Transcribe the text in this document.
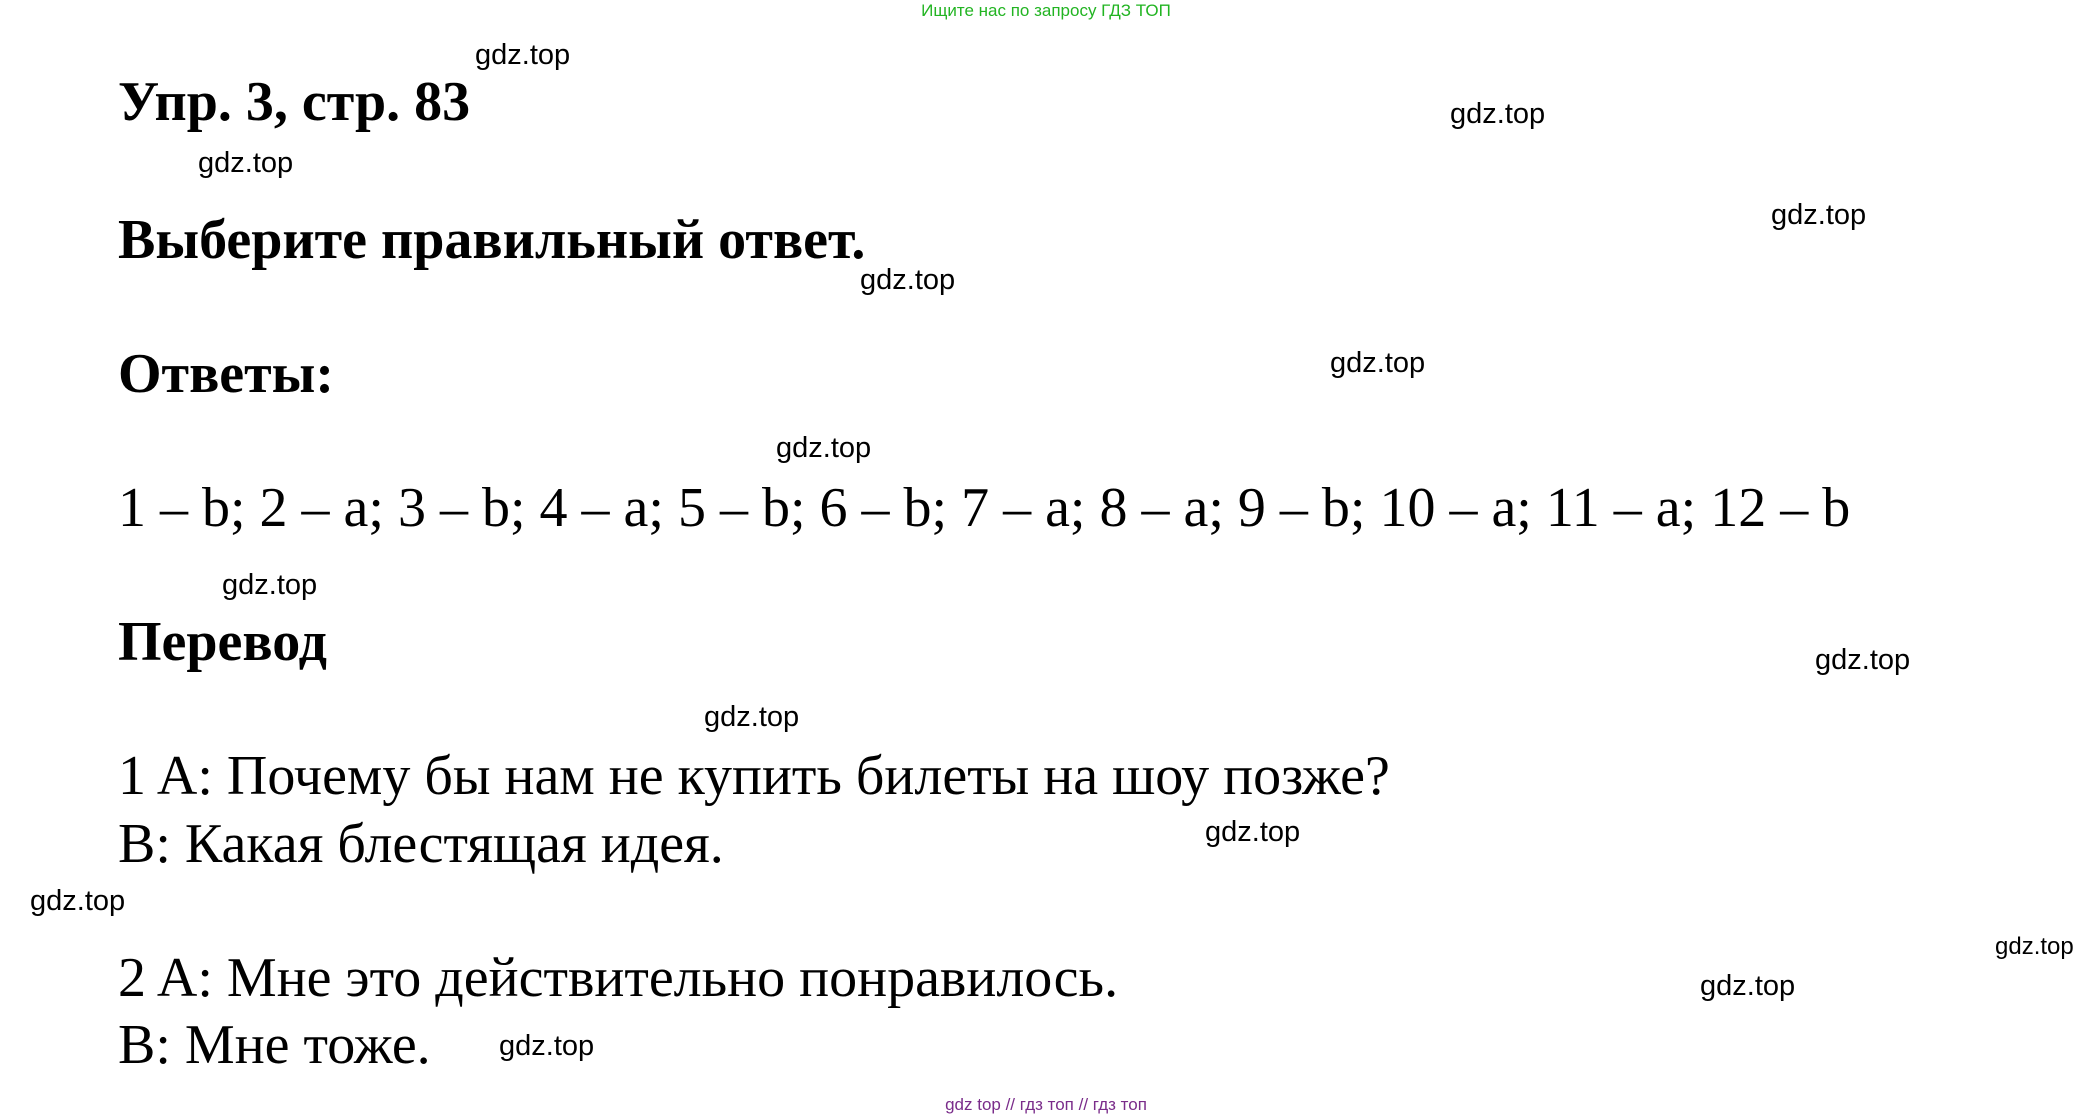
Ищите нас по запросу ГДЗ ТОП
Упр. 3, стр. 83
Выберите правильный ответ.
Ответы:
1 – b; 2 – a; 3 – b; 4 – a; 5 – b; 6 – b; 7 – a; 8 – a; 9 – b; 10 – a; 11 – a; 12 – b
Перевод
1 A: Почему бы нам не купить билеты на шоу позже?
B: Какая блестящая идея.
2 A: Мне это действительно понравилось.
B: Мне тоже.
gdz.top
gdz.top
gdz.top
gdz.top
gdz.top
gdz.top
gdz.top
gdz.top
gdz.top
gdz.top
gdz.top
gdz.top
gdz.top
gdz.top
gdz.top
gdz top // гдз топ // гдз топ
